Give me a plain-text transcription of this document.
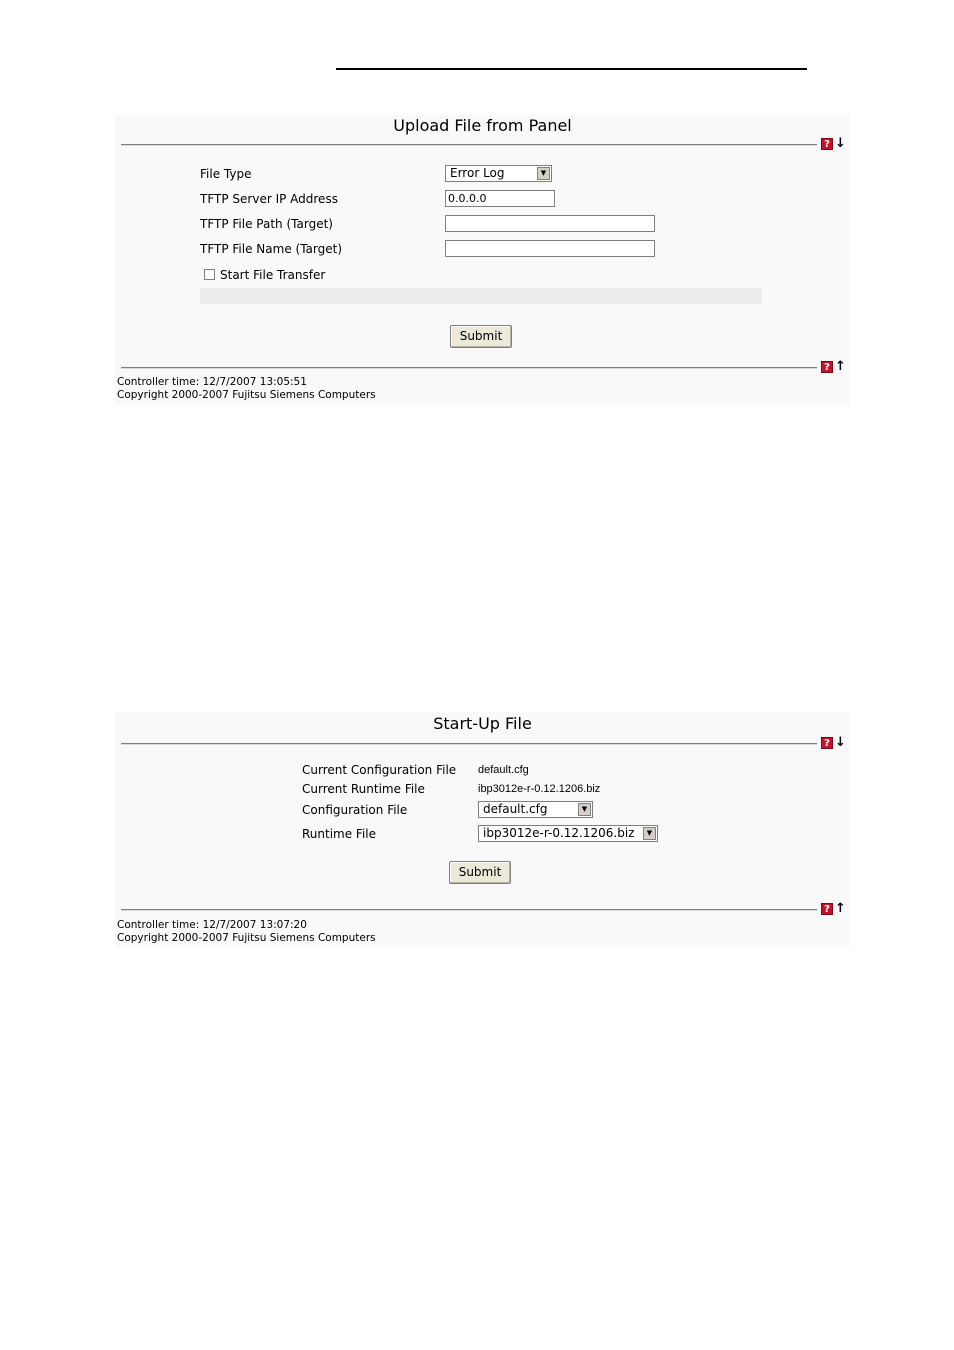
Upload File from Panel
? ↓
File Type	Error Log	▼
TFTP Server IP Address	0.0.0.0
TFTP File Path (Target)
TFTP File Name (Target)
Start File Transfer
Submit
? ↑
Controller time: 12/7/2007 13:05:51
Copyright 2000-2007 Fujitsu Siemens Computers
Start-Up File
? ↓
Current Configuration File default.cfg
Current Runtime File	ibp3012e-r-0.12.1206.biz
Configuration File	default.cfg	▼
Runtime File	ibp3012e-r-0.12.1206.biz	▼
Submit
? ↑
Controller time: 12/7/2007 13:07:20
Copyright 2000-2007 Fujitsu Siemens Computers
